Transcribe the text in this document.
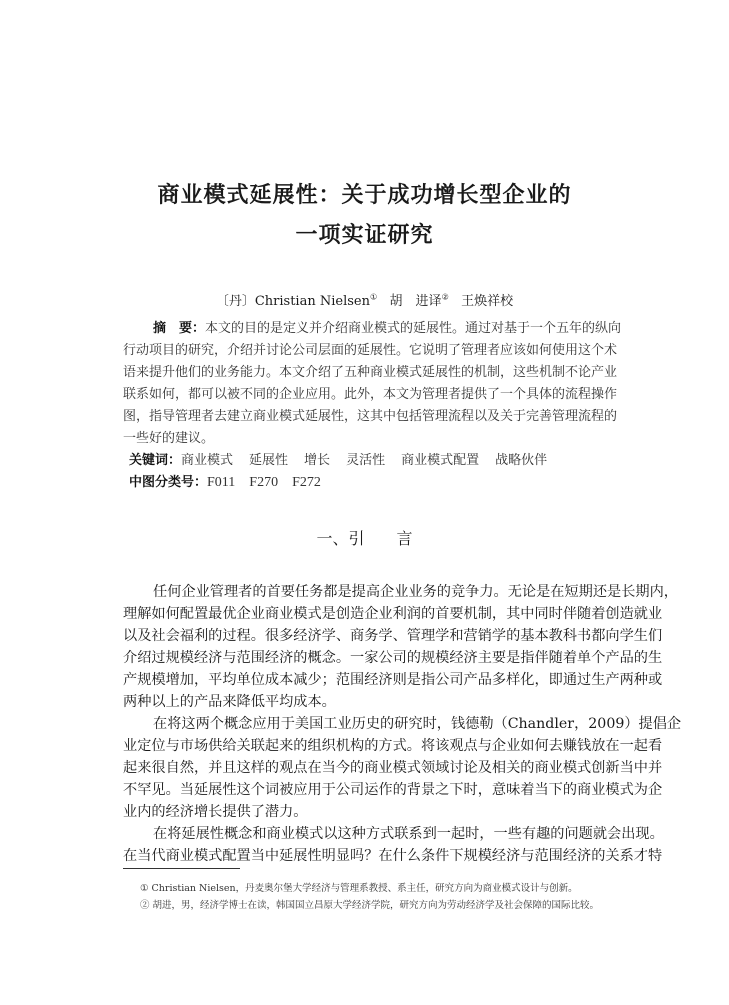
商业模式延展性：关于成功增长型企业的
一项实证研究
〔丹〕Christian Nielsen① 胡　进译② 王焕祥校
摘　要：本文的目的是定义并介绍商业模式的延展性。通过对基于一个五年的纵向
行动项目的研究，介绍并讨论公司层面的延展性。它说明了管理者应该如何使用这个术
语来提升他们的业务能力。本文介绍了五种商业模式延展性的机制，这些机制不论产业
联系如何，都可以被不同的企业应用。此外，本文为管理者提供了一个具体的流程操作
图，指导管理者去建立商业模式延展性，这其中包括管理流程以及关于完善管理流程的
一些好的建议。
关键词：商业模式 延展性 增长 灵活性 商业模式配置 战略伙伴
中图分类号：F011　F270　F272
一、引　　言
任何企业管理者的首要任务都是提高企业业务的竞争力。无论是在短期还是长期内，
理解如何配置最优企业商业模式是创造企业利润的首要机制，其中同时伴随着创造就业
以及社会福利的过程。很多经济学、商务学、管理学和营销学的基本教科书都向学生们
介绍过规模经济与范围经济的概念。一家公司的规模经济主要是指伴随着单个产品的生
产规模增加，平均单位成本减少；范围经济则是指公司产品多样化，即通过生产两种或
两种以上的产品来降低平均成本。
在将这两个概念应用于美国工业历史的研究时，钱德勒（Chandler，2009）提倡企
业定位与市场供给关联起来的组织机构的方式。将该观点与企业如何去赚钱放在一起看
起来很自然，并且这样的观点在当今的商业模式领域讨论及相关的商业模式创新当中并
不罕见。当延展性这个词被应用于公司运作的背景之下时，意味着当下的商业模式为企
业内的经济增长提供了潜力。
在将延展性概念和商业模式以这种方式联系到一起时，一些有趣的问题就会出现。
在当代商业模式配置当中延展性明显吗？在什么条件下规模经济与范围经济的关系才特
① Christian Nielsen，丹麦奥尔堡大学经济与管理系教授、系主任，研究方向为商业模式设计与创新。
② 胡进，男，经济学博士在读，韩国国立昌原大学经济学院，研究方向为劳动经济学及社会保障的国际比较。
